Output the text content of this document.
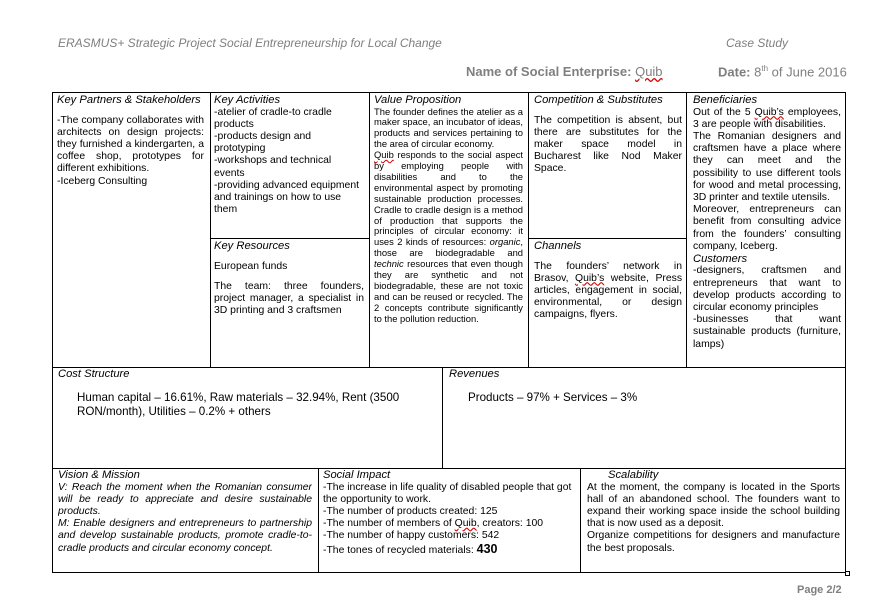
ERASMUS+ Strategic Project Social Entrepreneurship for Local Change	Case Study
Name of Social Enterprise: Quib	Date: 8th of June 2016
Key Partners & Stakeholders

-The company collaborates with architects on design projects: they furnished a kindergarten, a coffee shop, prototypes for different exhibitions.

-Iceberg Consulting

Key Activities

-atelier of cradle-to cradle products

-products design and prototyping

-workshops and technical events

-providing advanced equipment and trainings on how to use them

Key Resources

European funds

The team: three founders, project manager, a specialist in 3D printing and 3 craftsmen

Value Proposition

The founder defines the atelier as a maker space, an incubator of ideas, products and services pertaining to the area of circular economy.

Quib responds to the social aspect by employing people with disabilities and to the environmental aspect by promoting sustainable production processes. Cradle to cradle design is a method of production that supports the principles of circular economy: it uses 2 kinds of resources: organic, those are biodegradable and technic resources that even though they are synthetic and not biodegradable, these are not toxic and can be reused or recycled. The 2 concepts contribute significantly to the pollution reduction.

Competition & Substitutes

The competition is absent, but there are substitutes for the maker space model in Bucharest like Nod Maker Space.

Channels

The founders’ network in Brasov, Quib’s website, Press articles, engagement in social, environmental, or design campaigns, flyers.

Beneficiaries

Out of the 5 Quib’s employees, 3 are people with disabilities.

The Romanian designers and craftsmen have a place where they can meet and the possibility to use different tools for wood and metal processing, 3D printer and textile utensils.

Moreover, entrepreneurs can benefit from consulting advice from the founders’ consulting company, Iceberg.

Customers

-designers, craftsmen and entrepreneurs that want to develop products according to circular economy principles

-businesses that want sustainable products (furniture, lamps)

Cost Structure

Human capital – 16.61%, Raw materials – 32.94%, Rent (3500 RON/month), Utilities – 0.2% + others

Revenues

Products – 97% + Services – 3%

Vision & Mission

V: Reach the moment when the Romanian consumer will be ready to appreciate and desire sustainable products.

M: Enable designers and entrepreneurs to partnership and develop sustainable products, promote cradle-to-cradle products and circular economy concept.

Social Impact

-The increase in life quality of disabled people that got the opportunity to work.

-The number of products created: 125

-The number of members of Quib, creators: 100

-The number of happy customers: 542

-The tones of recycled materials: 430

Scalability

At the moment, the company is located in the Sports hall of an abandoned school. The founders want to expand their working space inside the school building that is now used as a deposit.

Organize competitions for designers and manufacture the best proposals.

Page 2/2
